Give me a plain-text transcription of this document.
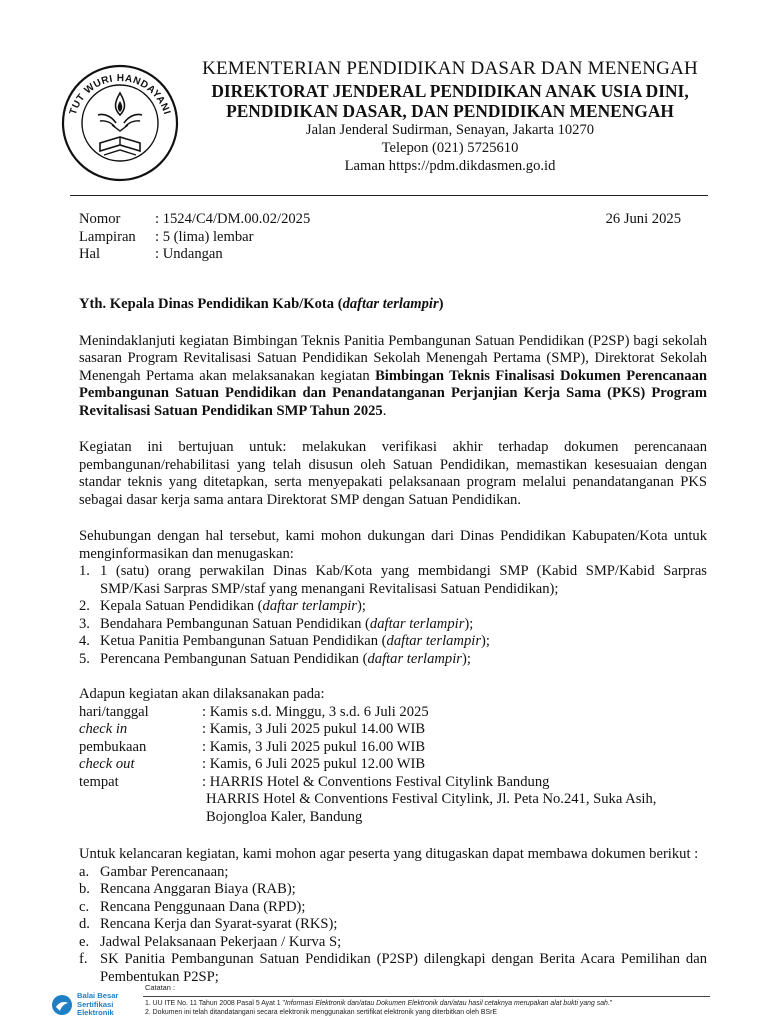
TUT WURI HANDAYANI
KEMENTERIAN PENDIDIKAN DASAR DAN MENENGAH
DIREKTORAT JENDERAL PENDIDIKAN ANAK USIA DINI,
PENDIDIKAN DASAR, DAN PENDIDIKAN MENENGAH
Jalan Jenderal Sudirman, Senayan, Jakarta 10270
Telepon (021) 5725610
Laman https://pdm.dikdasmen.go.id
Nomor	: 1524/C4/DM.00.02/2025
Lampiran	: 5 (lima) lembar
Hal	: Undangan
26 Juni 2025
Yth. Kepala Dinas Pendidikan Kab/Kota (daftar terlampir)

Menindaklanjuti kegiatan Bimbingan Teknis Panitia Pembangunan Satuan Pendidikan (P2SP) bagi sekolah sasaran Program Revitalisasi Satuan Pendidikan Sekolah Menengah Pertama (SMP), Direktorat Sekolah Menengah Pertama akan melaksanakan kegiatan Bimbingan Teknis Finalisasi Dokumen Perencanaan Pembangunan Satuan Pendidikan dan Penandatanganan Perjanjian Kerja Sama (PKS) Program Revitalisasi Satuan Pendidikan SMP Tahun 2025.

Kegiatan ini bertujuan untuk: melakukan verifikasi akhir terhadap dokumen perencanaan pembangunan/rehabilitasi yang telah disusun oleh Satuan Pendidikan, memastikan kesesuaian dengan standar teknis yang ditetapkan, serta menyepakati pelaksanaan program melalui penandatanganan PKS sebagai dasar kerja sama antara Direktorat SMP dengan Satuan Pendidikan.

Sehubungan dengan hal tersebut, kami mohon dukungan dari Dinas Pendidikan Kabupaten/Kota untuk menginformasikan dan menugaskan:

1. 1 (satu) orang perwakilan Dinas Kab/Kota yang membidangi SMP (Kabid SMP/Kabid Sarpras SMP/Kasi Sarpras SMP/staf yang menangani Revitalisasi Satuan Pendidikan);
2. Kepala Satuan Pendidikan (daftar terlampir);
3. Bendahara Pembangunan Satuan Pendidikan (daftar terlampir);
4. Ketua Panitia Pembangunan Satuan Pendidikan (daftar terlampir);
5. Perencana Pembangunan Satuan Pendidikan (daftar terlampir);

Adapun kegiatan akan dilaksanakan pada:

hari/tanggal	: Kamis s.d. Minggu, 3 s.d. 6 Juli 2025
check in	: Kamis, 3 Juli 2025 pukul 14.00 WIB
pembukaan	: Kamis, 3 Juli 2025 pukul 16.00 WIB
check out	: Kamis, 6 Juli 2025 pukul 12.00 WIB
tempat	: HARRIS Hotel & Conventions Festival Citylink Bandung
HARRIS Hotel & Conventions Festival Citylink, Jl. Peta No.241, Suka Asih, Bojongloa Kaler, Bandung

Untuk kelancaran kegiatan, kami mohon agar peserta yang ditugaskan dapat membawa dokumen berikut :

a. Gambar Perencanaan;
b. Rencana Anggaran Biaya (RAB);
c. Rencana Penggunaan Dana (RPD);
d. Rencana Kerja dan Syarat-syarat (RKS);
e. Jadwal Pelaksanaan Pekerjaan / Kurva S;
f. SK Panitia Pembangunan Satuan Pendidikan (P2SP) dilengkapi dengan Berita Acara Pemilihan dan Pembentukan P2SP;
Balai Besar
Sertifikasi
Elektronik
Catatan :
1. UU ITE No. 11 Tahun 2008 Pasal 5 Ayat 1 "Informasi Elektronik dan/atau Dokumen Elektronik dan/atau hasil cetaknya merupakan alat bukti yang sah."
2. Dokumen ini telah ditandatangani secara elektronik menggunakan sertifikat elektronik yang diterbitkan oleh BSrE
